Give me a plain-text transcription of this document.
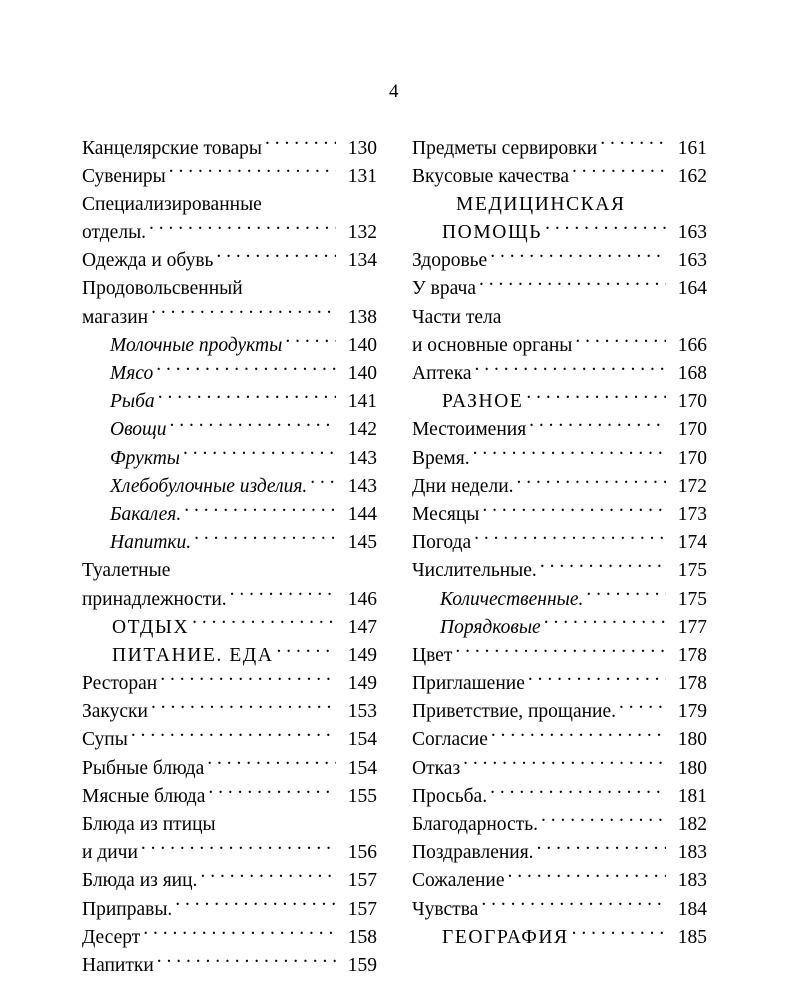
4
Канцелярские товары . . .	130
Сувениры . . .	131
Специализированные
отделы. . . .	132
Одежда и обувь . . .	134
Продовольсвенный
магазин . . .	138
Молочные продукты . . .	140
Мясо . . .	140
Рыба . . .	141
Овощи . . .	142
Фрукты . . .	143
Хлебобулочные изделия. . . .	143
Бакалея. . . .	144
Напитки. . . .	145
Туалетные
принадлежности. . . .	146
ОТДЫХ . . .	147
ПИТАНИЕ. ЕДА . . .	149
Ресторан . . .	149
Закуски . . .	153
Супы . . .	154
Рыбные блюда . . .	154
Мясные блюда . . .	155
Блюда из птицы
и дичи . . .	156
Блюда из яиц. . . .	157
Приправы. . . .	157
Десерт . . .	158
Напитки . . .	159
Предметы сервировки . . .	161
Вкусовые качества . . .	162
МЕДИЦИНСКАЯ
ПОМОЩЬ . . .	163
Здоровье . . .	163
У врача . . .	164
Части тела
и основные органы . . .	166
Аптека . . .	168
РАЗНОЕ . . .	170
Местоимения . . .	170
Время. . . .	170
Дни недели. . . .	172
Месяцы . . .	173
Погода . . .	174
Числительные. . . .	175
Количественные. . . .	175
Порядковые . . .	177
Цвет . . .	178
Приглашение . . .	178
Приветствие, прощание. . . .	179
Согласие . . .	180
Отказ . . .	180
Просьба. . . .	181
Благодарность. . . .	182
Поздравления. . . .	183
Сожаление . . .	183
Чувства . . .	184
ГЕОГРАФИЯ . . .	185
